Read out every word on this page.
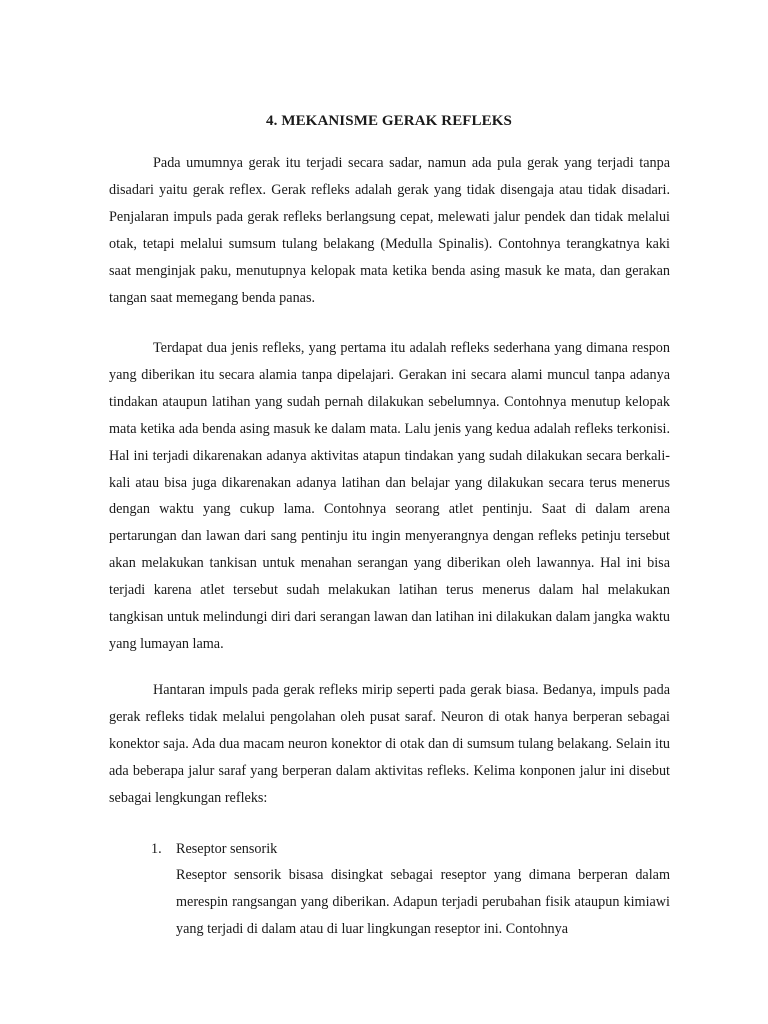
4. MEKANISME GERAK REFLEKS

Pada umumnya gerak itu terjadi secara sadar, namun ada pula gerak yang terjadi tanpa disadari yaitu gerak reflex. Gerak refleks adalah gerak yang tidak disengaja atau tidak disadari. Penjalaran impuls pada gerak refleks berlangsung cepat, melewati jalur pendek dan tidak melalui otak, tetapi melalui sumsum tulang belakang (Medulla Spinalis). Contohnya terangkatnya kaki saat menginjak paku, menutupnya kelopak mata ketika benda asing masuk ke mata, dan gerakan tangan saat memegang benda panas.

Terdapat dua jenis refleks, yang pertama itu adalah refleks sederhana yang dimana respon yang diberikan itu secara alamia tanpa dipelajari. Gerakan ini secara alami muncul tanpa adanya tindakan ataupun latihan yang sudah pernah dilakukan sebelumnya. Contohnya menutup kelopak mata ketika ada benda asing masuk ke dalam mata. Lalu jenis yang kedua adalah refleks terkonisi. Hal ini terjadi dikarenakan adanya aktivitas atapun tindakan yang sudah dilakukan secara berkali-kali atau bisa juga dikarenakan adanya latihan dan belajar yang dilakukan secara terus menerus dengan waktu yang cukup lama. Contohnya seorang atlet pentinju. Saat di dalam arena pertarungan dan lawan dari sang pentinju itu ingin menyerangnya dengan refleks petinju tersebut akan melakukan tankisan untuk menahan serangan yang diberikan oleh lawannya. Hal ini bisa terjadi karena atlet tersebut sudah melakukan latihan terus menerus dalam hal melakukan tangkisan untuk melindungi diri dari serangan lawan dan latihan ini dilakukan dalam jangka waktu yang lumayan lama.

Hantaran impuls pada gerak refleks mirip seperti pada gerak biasa. Bedanya, impuls pada gerak refleks tidak melalui pengolahan oleh pusat saraf. Neuron di otak hanya berperan sebagai konektor saja. Ada dua macam neuron konektor di otak dan di sumsum tulang belakang. Selain itu ada beberapa jalur saraf yang berperan dalam aktivitas refleks. Kelima konponen jalur ini disebut sebagai lengkungan refleks:

1. Reseptor sensorik

Reseptor sensorik bisasa disingkat sebagai reseptor yang dimana berperan dalam merespin rangsangan yang diberikan. Adapun terjadi perubahan fisik ataupun kimiawi yang terjadi di dalam atau di luar lingkungan reseptor ini. Contohnya
